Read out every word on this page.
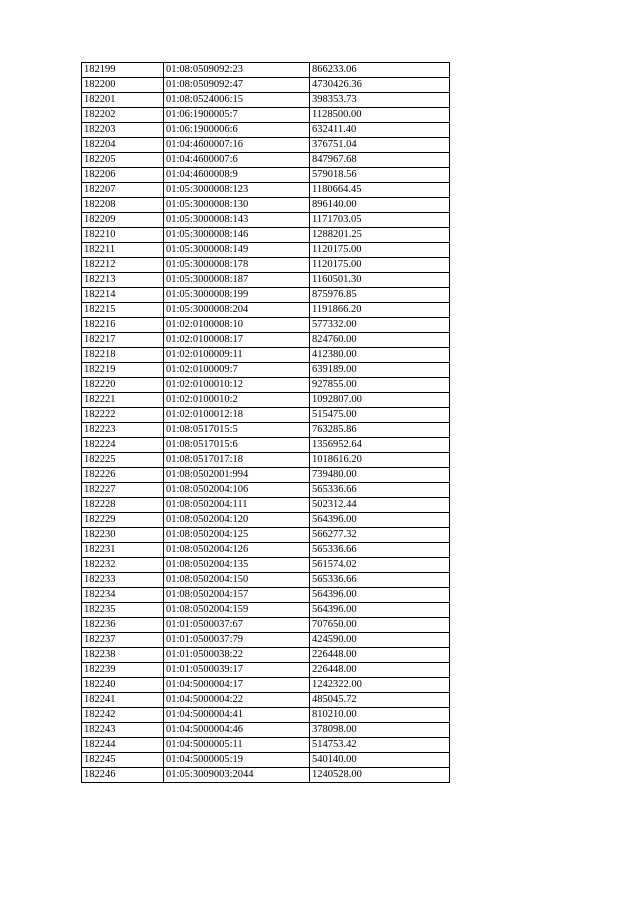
182199	01:08:0509092:23	866233.06
182200	01:08:0509092:47	4730426.36
182201	01:08:0524006:15	398353.73
182202	01:06:1900005:7	1128500.00
182203	01:06:1900006:6	632411.40
182204	01:04:4600007:16	376751.04
182205	01:04:4600007:6	847967.68
182206	01:04:4600008:9	579018.56
182207	01:05:3000008:123	1180664.45
182208	01:05:3000008:130	896140.00
182209	01:05:3000008:143	1171703.05
182210	01:05:3000008:146	1288201.25
182211	01:05:3000008:149	1120175.00
182212	01:05:3000008:178	1120175.00
182213	01:05:3000008:187	1160501.30
182214	01:05:3000008:199	875976.85
182215	01:05:3000008:204	1191866.20
182216	01:02:0100008:10	577332.00
182217	01:02:0100008:17	824760.00
182218	01:02:0100009:11	412380.00
182219	01:02:0100009:7	639189.00
182220	01:02:0100010:12	927855.00
182221	01:02:0100010:2	1092807.00
182222	01:02:0100012:18	515475.00
182223	01:08:0517015:5	763285.86
182224	01:08:0517015:6	1356952.64
182225	01:08:0517017:18	1018616.20
182226	01:08:0502001:994	739480.00
182227	01:08:0502004:106	565336.66
182228	01:08:0502004:111	502312.44
182229	01:08:0502004:120	564396.00
182230	01:08:0502004:125	566277.32
182231	01:08:0502004:126	565336.66
182232	01:08:0502004:135	561574.02
182233	01:08:0502004:150	565336.66
182234	01:08:0502004:157	564396.00
182235	01:08:0502004:159	564396.00
182236	01:01:0500037:67	707650.00
182237	01:01:0500037:79	424590.00
182238	01:01:0500038:22	226448.00
182239	01:01:0500039:17	226448.00
182240	01:04:5000004:17	1242322.00
182241	01:04:5000004:22	485045.72
182242	01:04:5000004:41	810210.00
182243	01:04:5000004:46	378098.00
182244	01:04:5000005:11	514753.42
182245	01:04:5000005:19	540140.00
182246	01:05:3009003:2044	1240528.00
